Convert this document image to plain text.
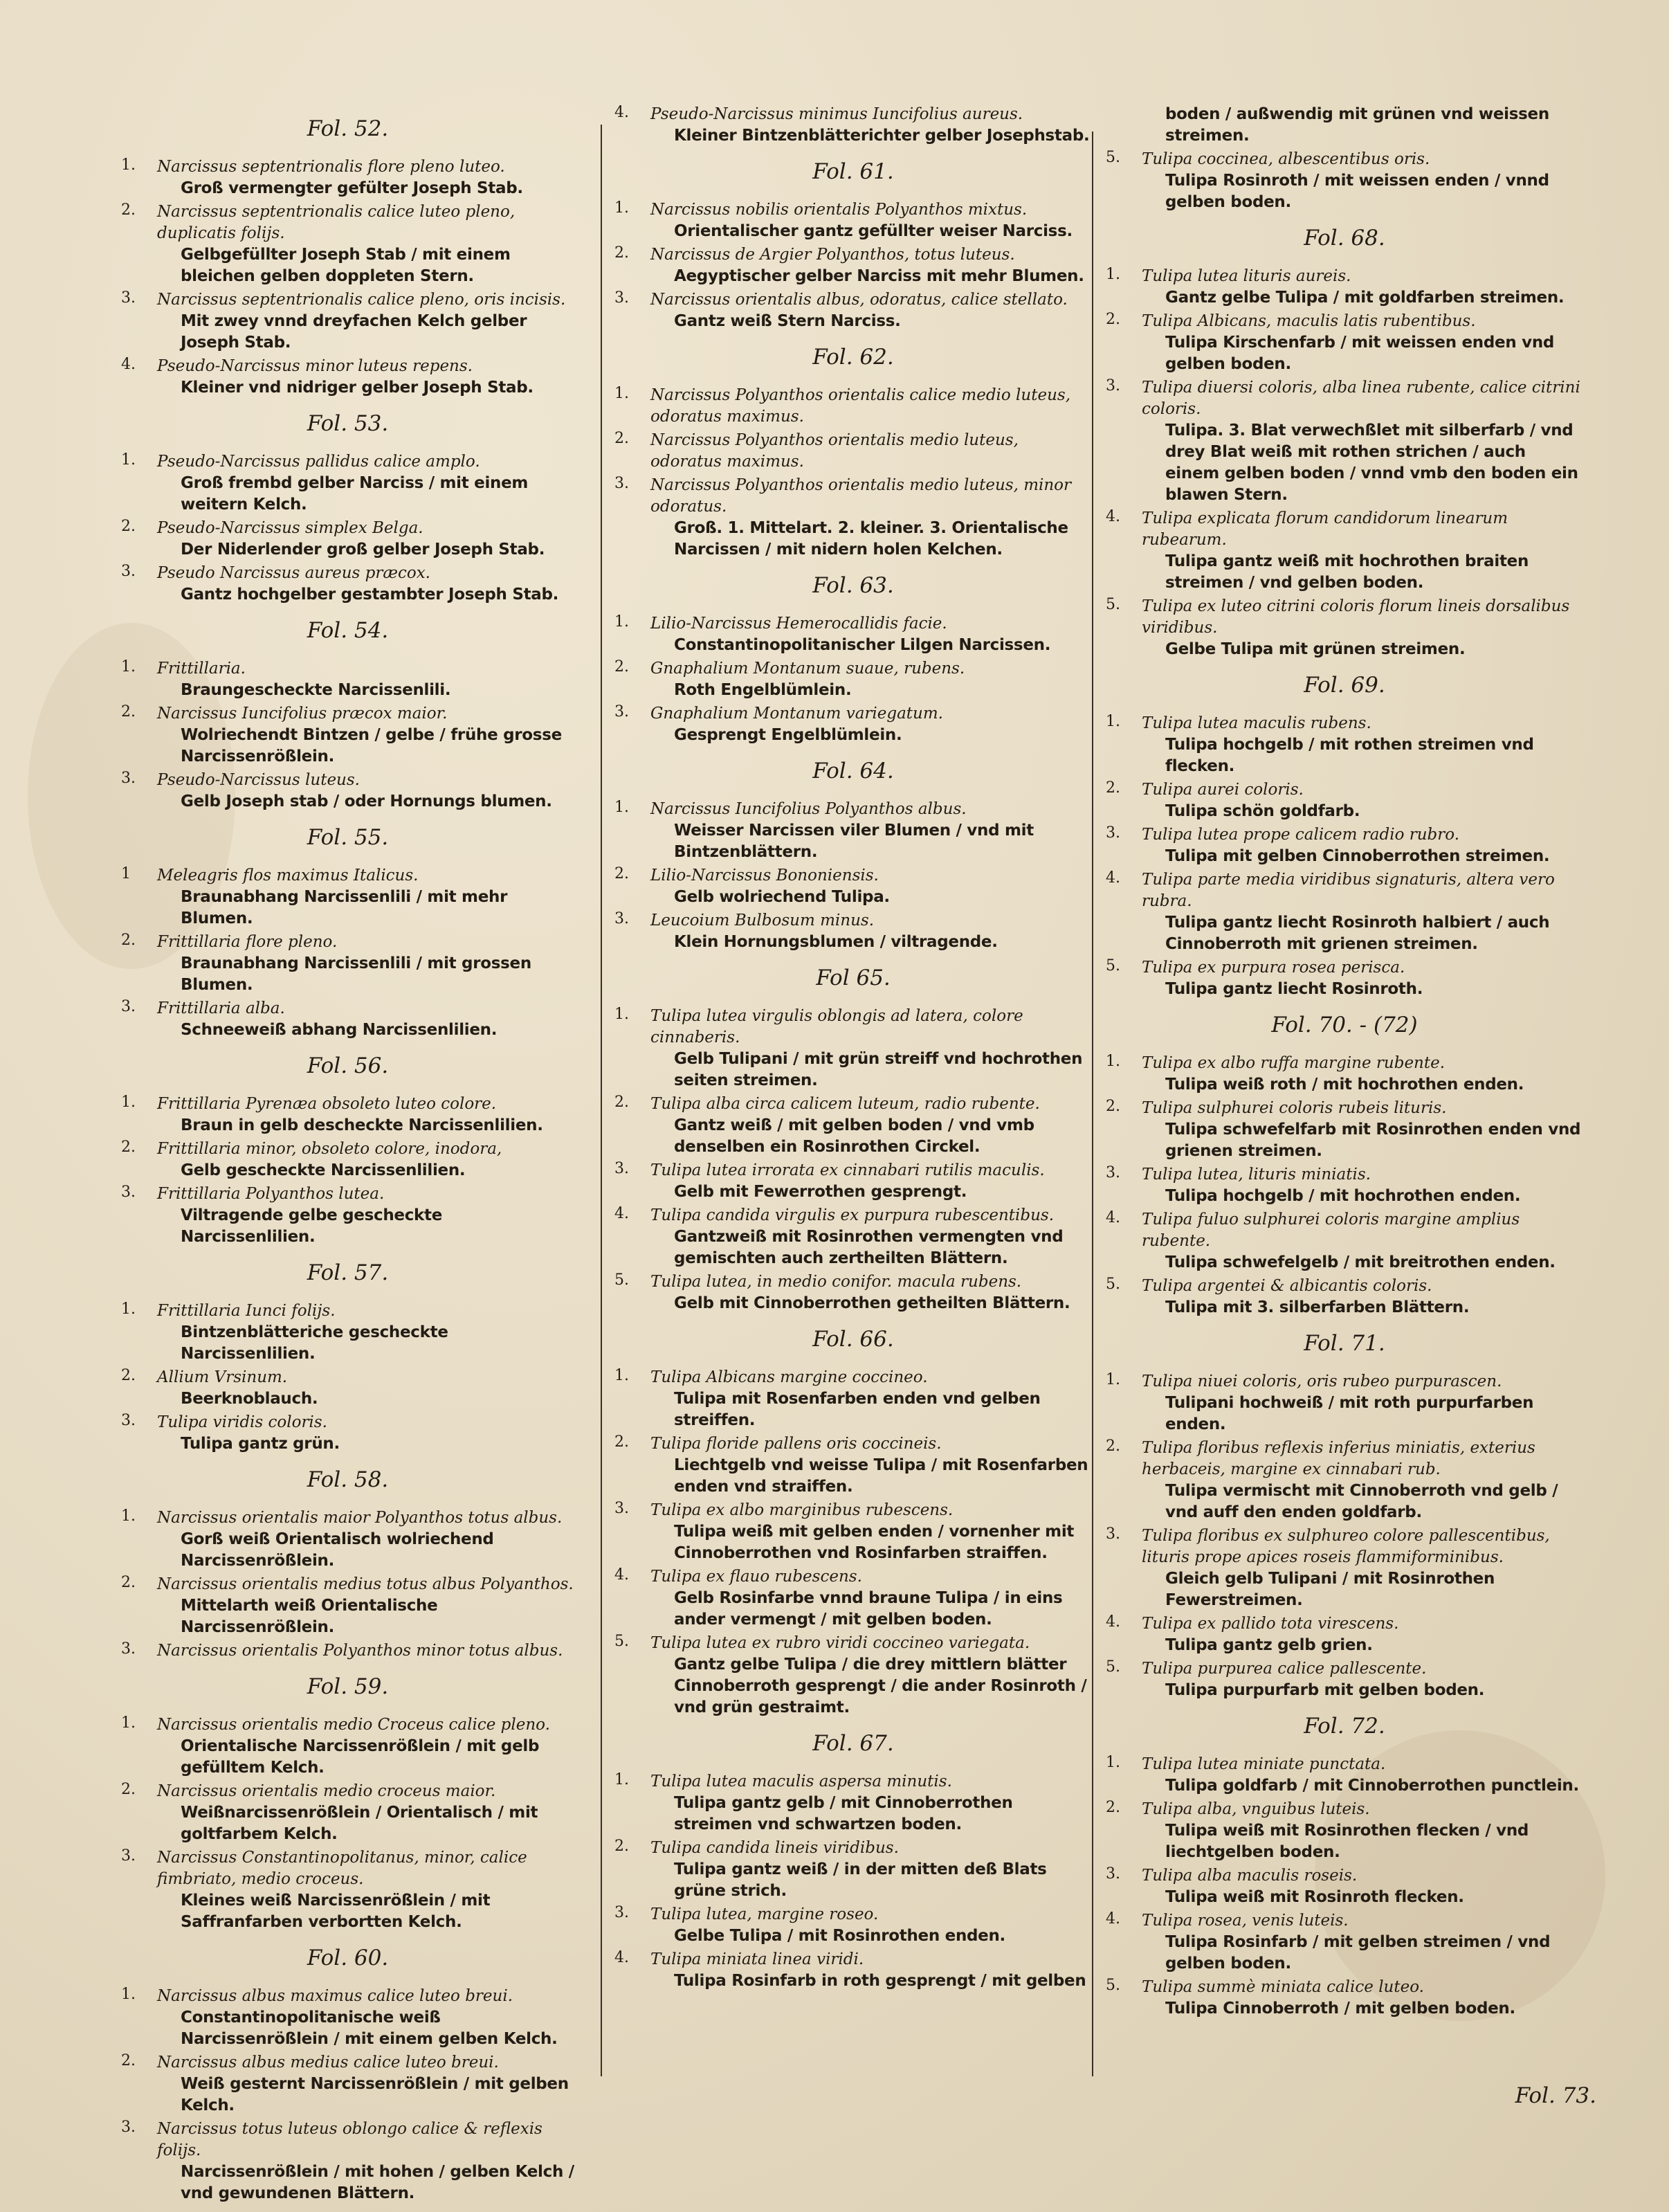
Fol. 52.
1. Narcissus septentrionalis flore pleno luteo.
Groß vermengter gefülter Joseph Stab.
2. Narcissus septentrionalis calice luteo pleno, duplicatis folijs.
Gelbgefüllter Joseph Stab / mit einem bleichen gelben doppleten Stern.
3. Narcissus septentrionalis calice pleno, oris incisis.
Mit zwey vnnd dreyfachen Kelch gelber Joseph Stab.
4. Pseudo-Narcissus minor luteus repens.
Kleiner vnd nidriger gelber Joseph Stab.
Fol. 53.
1. Pseudo-Narcissus pallidus calice amplo.
Groß frembd gelber Narciss / mit einem weitern Kelch.
2. Pseudo-Narcissus simplex Belga.
Der Niderlender groß gelber Joseph Stab.
3. Pseudo Narcissus aureus præcox.
Gantz hochgelber gestambter Joseph Stab.
Fol. 54.
1. Frittillaria.
Braungeschecktе Narcissenlili.
2. Narcissus Iuncifolius præcox maior.
Wolriechendt Bintzen / gelbe / frühe grosse Narcissenrößlein.
3. Pseudo-Narcissus luteus.
Gelb Joseph stab / oder Hornungs blumen.
Fol. 55.
1 Meleagris flos maximus Italicus.
Braunabhang Narcissenlili / mit mehr Blumen.
2. Frittillaria flore pleno.
Braunabhang Narcissenlili / mit grossen Blumen.
3. Frittillaria alba.
Schneeweiß abhang Narcissenlilien.
Fol. 56.
1. Frittillaria Pyrenæa obsoleto luteo colore.
Braun in gelb descheckte Narcissenlilien.
2. Frittillaria minor, obsoleto colore, inodora,
Gelb geschеckte Narcissenlilien.
3. Frittillaria Polyanthos lutea.
Viltragende gelbe geschеckte Narcissenlilien.
Fol. 57.
1. Frittillaria Iunci folijs.
Bintzenblätteriche gescheckte Narcissenlilien.
2. Allium Vrsinum.
Beerknoblauch.
3. Tulipa viridis coloris.
Tulipa gantz grün.
Fol. 58.
1. Narcissus orientalis maior Polyanthos totus albus.
Gorß weiß Orientalisch wolriechend Narcissenrößlein.
2. Narcissus orientalis medius totus albus Polyanthos.
Mittelarth weiß Orientalische Narcissenrößlein.
3. Narcissus orientalis Polyanthos minor totus albus.
Fol. 59.
1. Narcissus orientalis medio Croceus calice pleno.
Orientalische Narcissenrößlein / mit gelb gefülltem Kelch.
2. Narcissus orientalis medio croceus maior.
Weißnarcissenrößlein / Orientalisch / mit goltfarbem Kelch.
3. Narcissus Constantinopolitanus, minor, calice fimbriato, medio croceus.
Kleines weiß Narcissenrößlein / mit Saffranfarben verbortten Kelch.
Fol. 60.
1. Narcissus albus maximus calice luteo breui.
Constantinopolitanische weiß Narcissenrößlein / mit einem gelben Kelch.
2. Narcissus albus medius calice luteo breui.
Weiß gesternt Narcissenrößlein / mit gelben Kelch.
3. Narcissus totus luteus oblongo calice & reflexis folijs.
Narcissenrößlein / mit hohen / gelben Kelch / vnd gewundenen Blättern.
4. Pseudo-Narcissus minimus Iuncifolius aureus.
Kleiner Bintzenblätterichter gelber Josephstab.
Fol. 61.
1. Narcissus nobilis orientalis Polyanthos mixtus.
Orientalischer gantz gefüllter weiser Narciss.
2. Narcissus de Argier Polyanthos, totus luteus.
Aegyptischer gelber Narciss mit mehr Blumen.
3. Narcissus orientalis albus, odoratus, calice stellato.
Gantz weiß Stern Narciss.
Fol. 62.
1. Narcissus Polyanthos orientalis calice medio luteus, odoratus maximus.
2. Narcissus Polyanthos orientalis medio luteus, odoratus maximus.
3. Narcissus Polyanthos orientalis medio luteus, minor odoratus.
Groß. 1. Mittelart. 2. kleiner. 3. Orientalische Narcissen / mit nidern holen Kelchen.
Fol. 63.
1. Lilio-Narcissus Hemerocallidis facie.
Constantinopolitanischer Lilgen Narcissen.
2. Gnaphalium Montanum suaue, rubens.
Roth Engelblümlein.
3. Gnaphalium Montanum variegatum.
Gesprengt Engelblümlein.
Fol. 64.
1. Narcissus Iuncifolius Polyanthos albus.
Weisser Narcissen viler Blumen / vnd mit Bintzenblättern.
2. Lilio-Narcissus Bononiensis.
Gelb wolriechend Tulipa.
3. Leucoium Bulbosum minus.
Klein Hornungsblumen / viltragende.
Fol 65.
1. Tulipa lutea virgulis oblongis ad latera, colore cinnaberis.
Gelb Tulipani / mit grün streiff vnd hochrothen seiten streimen.
2. Tulipa alba circa calicem luteum, radio rubente.
Gantz weiß / mit gelben boden / vnd vmb denselben ein Rosinrothen Circkel.
3. Tulipa lutea irrorata ex cinnabari rutilis maculis.
Gelb mit Fewerrothen gesprengt.
4. Tulipa candida virgulis ex purpura rubescentibus.
Gantzweiß mit Rosinrothen vermengten vnd gemischten auch zertheilten Blättern.
5. Tulipa lutea, in medio conifor. macula rubens.
Gelb mit Cinnoberrothen getheilten Blättern.
Fol. 66.
1. Tulipa Albicans margine coccineo.
Tulipa mit Rosenfarben enden vnd gelben streiffen.
2. Tulipa floride pallens oris coccineis.
Liechtgelb vnd weisse Tulipa / mit Rosenfarben enden vnd straiffen.
3. Tulipa ex albo marginibus rubescens.
Tulipa weiß mit gelben enden / vornenher mit Cinnoberrothen vnd Rosinfarben straiffen.
4. Tulipa ex flauo rubescens.
Gelb Rosinfarbe vnnd braune Tulipa / in eins ander vermengt / mit gelben boden.
5. Tulipa lutea ex rubro viridi coccineo variegata.
Gantz gelbe Tulipa / die drey mittlern blätter Cinnoberroth gesprengt / die ander Rosinroth / vnd grün gestraimt.
Fol. 67.
1. Tulipa lutea maculis aspersa minutis.
Tulipa gantz gelb / mit Cinnoberrothen streimen vnd schwartzen boden.
2. Tulipa candida lineis viridibus.
Tulipa gantz weiß / in der mitten deß Blats grüne strich.
3. Tulipa lutea, margine roseo.
Gelbe Tulipa / mit Rosinrothen enden.
4. Tulipa miniata linea viridi.
Tulipa Rosinfarb in roth gesprengt / mit gelben
boden / außwendig mit grünen vnd weissen streimen.
5. Tulipa coccinea, albescentibus oris.
Tulipa Rosinroth / mit weissen enden / vnnd gelben boden.
Fol. 68.
1. Tulipa lutea lituris aureis.
Gantz gelbe Tulipa / mit goldfarben streimen.
2. Tulipa Albicans, maculis latis rubentibus.
Tulipa Kirschenfarb / mit weissen enden vnd gelben boden.
3. Tulipa diuersi coloris, alba linea rubente, calice citrini coloris.
Tulipa. 3. Blat verwechßlet mit silberfarb / vnd drey Blat weiß mit rothen strichen / auch einem gelben boden / vnnd vmb den boden ein blawen Stern.
4. Tulipa explicata florum candidorum linearum rubearum.
Tulipa gantz weiß mit hochrothen braiten streimen / vnd gelben boden.
5. Tulipa ex luteo citrini coloris florum lineis dorsalibus viridibus.
Gelbe Tulipa mit grünen streimen.
Fol. 69.
1. Tulipa lutea maculis rubens.
Tulipa hochgelb / mit rothen streimen vnd flecken.
2. Tulipa aurei coloris.
Tulipa schön goldfarb.
3. Tulipa lutea prope calicem radio rubro.
Tulipa mit gelben Cinnoberrothen streimen.
4. Tulipa parte media viridibus signaturis, altera vero rubra.
Tulipa gantz liecht Rosinroth halbiert / auch Cinnoberroth mit grienen streimen.
5. Tulipa ex purpura rosea perisca.
Tulipa gantz liecht Rosinroth.
Fol. 70. - (72)
1. Tulipa ex albo ruffa margine rubente.
Tulipa weiß roth / mit hochrothen enden.
2. Tulipa sulphurei coloris rubeis lituris.
Tulipa schwefelfarb mit Rosinrothen enden vnd grienen streimen.
3. Tulipa lutea, lituris miniatis.
Tulipa hochgelb / mit hochrothen enden.
4. Tulipa fuluo sulphurei coloris margine amplius rubente.
Tulipa schwefelgelb / mit breitrothen enden.
5. Tulipa argentei & albicantis coloris.
Tulipa mit 3. silberfarben Blättern.
Fol. 71.
1. Tulipa niuei coloris, oris rubeo purpurascen.
Tulipani hochweiß / mit roth purpurfarben enden.
2. Tulipa floribus reflexis inferius miniatis, exterius herbaceis, margine ex cinnabari rub.
Tulipa vermischt mit Cinnoberroth vnd gelb / vnd auff den enden goldfarb.
3. Tulipa floribus ex sulphureo colore pallescentibus, lituris prope apices roseis flammiforminibus.
Gleich gelb Tulipani / mit Rosinrothen Fewerstreimen.
4. Tulipa ex pallido tota virescens.
Tulipa gantz gelb grien.
5. Tulipa purpurea calice pallescente.
Tulipa purpurfarb mit gelben boden.
Fol. 72.
1. Tulipa lutea miniate punctata.
Tulipa goldfarb / mit Cinnoberrothen punctlein.
2. Tulipa alba, vnguibus luteis.
Tulipa weiß mit Rosinrothen flecken / vnd liechtgelben boden.
3. Tulipa alba maculis roseis.
Tulipa weiß mit Rosinroth flecken.
4. Tulipa rosea, venis luteis.
Tulipa Rosinfarb / mit gelben streimen / vnd gelben boden.
5. Tulipa summè miniata calice luteo.
Tulipa Cinnoberroth / mit gelben boden.
Fol. 73.
